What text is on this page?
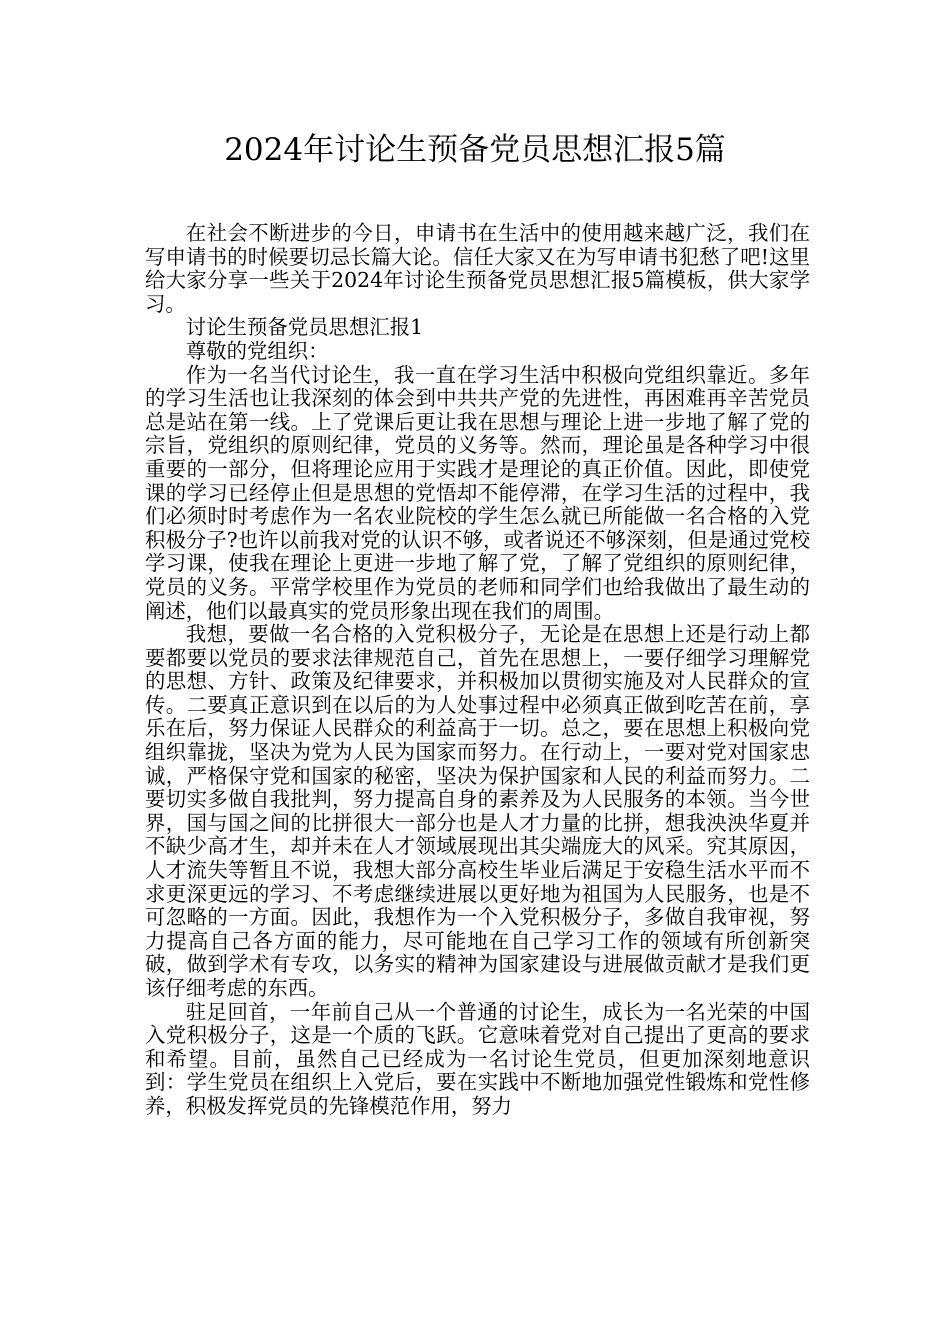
2024年讨论生预备党员思想汇报5篇

在社会不断进步的今日，申请书在生活中的使用越来越广泛，我们在写申请书的时候要切忌长篇大论。信任大家又在为写申请书犯愁了吧!这里给大家分享一些关于2024年讨论生预备党员思想汇报5篇模板，供大家学习。

讨论生预备党员思想汇报1

尊敬的党组织：

作为一名当代讨论生，我一直在学习生活中积极向党组织靠近。多年的学习生活也让我深刻的体会到中共共产党的先进性，再困难再辛苦党员总是站在第一线。上了党课后更让我在思想与理论上进一步地了解了党的宗旨，党组织的原则纪律，党员的义务等。然而，理论虽是各种学习中很重要的一部分，但将理论应用于实践才是理论的真正价值。因此，即使党课的学习已经停止但是思想的党悟却不能停滞，在学习生活的过程中，我们必须时时考虑作为一名农业院校的学生怎么就已所能做一名合格的入党积极分子?也许以前我对党的认识不够，或者说还不够深刻，但是通过党校学习课，使我在理论上更进一步地了解了党，了解了党组织的原则纪律，党员的义务。平常学校里作为党员的老师和同学们也给我做出了最生动的阐述，他们以最真实的党员形象出现在我们的周围。

我想，要做一名合格的入党积极分子，无论是在思想上还是行动上都要都要以党员的要求法律规范自己，首先在思想上，一要仔细学习理解党的思想、方针、政策及纪律要求，并积极加以贯彻实施及对人民群众的宣传。二要真正意识到在以后的为人处事过程中必须真正做到吃苦在前，享乐在后，努力保证人民群众的利益高于一切。总之，要在思想上积极向党组织靠拢，坚决为党为人民为国家而努力。在行动上，一要对党对国家忠诚，严格保守党和国家的秘密，坚决为保护国家和人民的利益而努力。二要切实多做自我批判，努力提高自身的素养及为人民服务的本领。当今世界，国与国之间的比拼很大一部分也是人才力量的比拼，想我泱泱华夏并不缺少高才生，却并未在人才领域展现出其尖端庞大的风采。究其原因，人才流失等暂且不说，我想大部分高校生毕业后满足于安稳生活水平而不求更深更远的学习、不考虑继续进展以更好地为祖国为人民服务，也是不可忽略的一方面。因此，我想作为一个入党积极分子，多做自我审视，努力提高自己各方面的能力，尽可能地在自己学习工作的领域有所创新突破，做到学术有专攻，以务实的精神为国家建设与进展做贡献才是我们更该仔细考虑的东西。

驻足回首，一年前自己从一个普通的讨论生，成长为一名光荣的中国入党积极分子，这是一个质的飞跃。它意味着党对自己提出了更高的要求和希望。目前，虽然自己已经成为一名讨论生党员，但更加深刻地意识到：学生党员在组织上入党后，要在实践中不断地加强党性锻炼和党性修养，积极发挥党员的先锋模范作用，努力
